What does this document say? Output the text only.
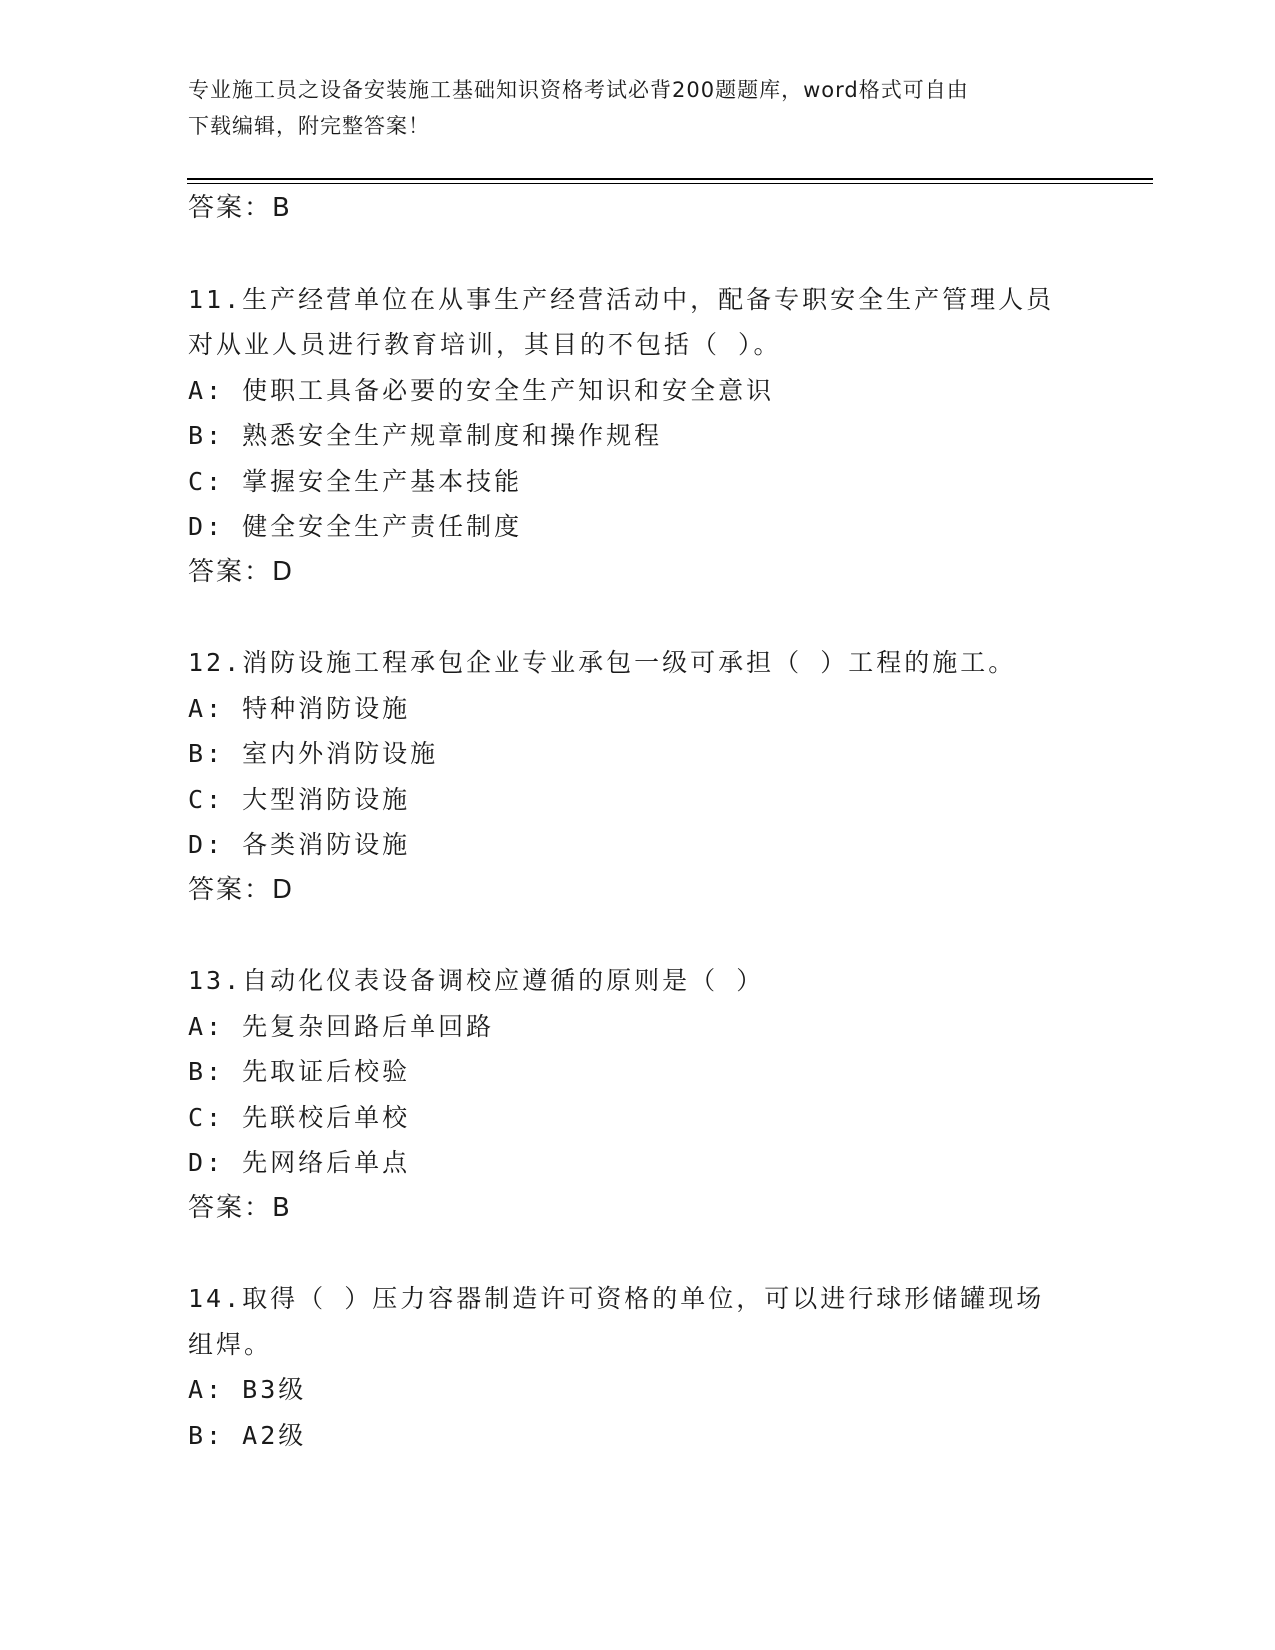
专业施工员之设备安装施工基础知识资格考试必背200题题库，word格式可自由
下载编辑，附完整答案！
答案：B
11.生产经营单位在从事生产经营活动中，配备专职安全生产管理人员
对从业人员进行教育培训，其目的不包括（ ）。
A: 使职工具备必要的安全生产知识和安全意识
B: 熟悉安全生产规章制度和操作规程
C: 掌握安全生产基本技能
D: 健全安全生产责任制度
答案：D
12.消防设施工程承包企业专业承包一级可承担（ ）工程的施工。
A: 特种消防设施
B: 室内外消防设施
C: 大型消防设施
D: 各类消防设施
答案：D
13.自动化仪表设备调校应遵循的原则是（ ）
A: 先复杂回路后单回路
B: 先取证后校验
C: 先联校后单校
D: 先网络后单点
答案：B
14.取得（ ）压力容器制造许可资格的单位，可以进行球形储罐现场
组焊。
A: B3级
B: A2级
